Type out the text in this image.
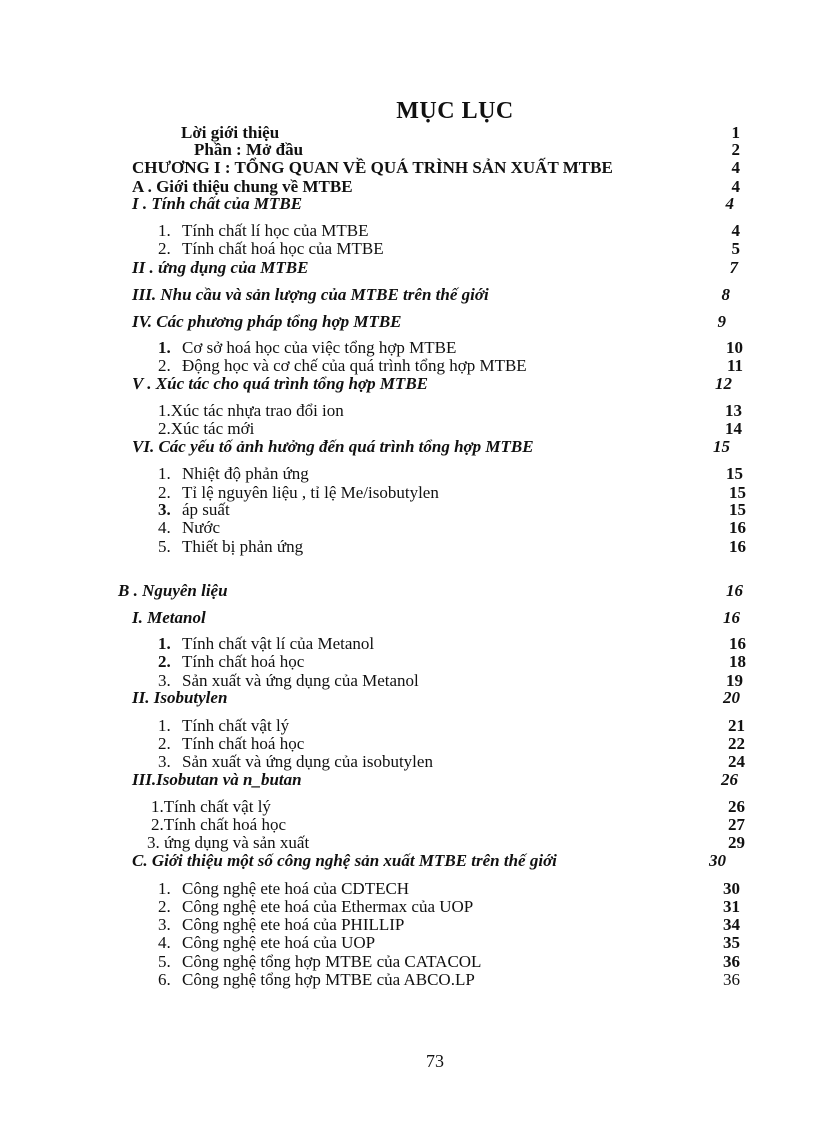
MỤC LỤC
Lời giới thiệu	1
Phần : Mở đầu	2
CHƯƠNG I : TỔNG QUAN VỀ QUÁ TRÌNH SẢN XUẤT MTBE	4
A . Giới thiệu chung về MTBE	4
I . Tính chất của MTBE	4
1. Tính chất lí học của MTBE	4
2. Tính chất hoá học của MTBE	5
II . ứng dụng của MTBE	7
III. Nhu cầu và sản lượng của MTBE trên thế giới	8
IV. Các phương pháp tổng hợp MTBE	9
1. Cơ sở hoá học của việc tổng hợp MTBE	10
2. Động học và cơ chế của quá trình tổng hợp MTBE	11
V . Xúc tác cho quá trình tổng hợp MTBE	12
1.Xúc tác nhựa trao đổi ion	13
2.Xúc tác mới	14
VI. Các yếu tố ảnh hưởng đến quá trình tổng hợp MTBE	15
1. Nhiệt độ phản ứng	15
2. Tỉ lệ nguyên liệu , tỉ lệ Me/isobutylen	15
3. áp suất	15
4. Nước	16
5. Thiết bị phản ứng	16
B . Nguyên liệu	16
I. Metanol	16
1. Tính chất vật lí của Metanol	16
2. Tính chất hoá học	18
3. Sản xuất và ứng dụng của Metanol	19
II. Isobutylen	20
1. Tính chất vật lý	21
2. Tính chất hoá học	22
3. Sản xuất và ứng dụng của isobutylen	24
III.Isobutan và n_butan	26
1.Tính chất vật lý	26
2.Tính chất hoá học	27
3. ứng dụng và sản xuất	29
C. Giới thiệu một số công nghệ sản xuất MTBE trên thế giới	30
1. Công nghệ ete hoá của CDTECH	30
2. Công nghệ ete hoá của Ethermax của UOP	31
3. Công nghệ ete hoá của PHILLIP	34
4. Công nghệ ete hoá của UOP	35
5. Công nghệ tổng hợp MTBE của CATACOL	36
6. Công nghệ tổng hợp MTBE của ABCO.LP	36
73
